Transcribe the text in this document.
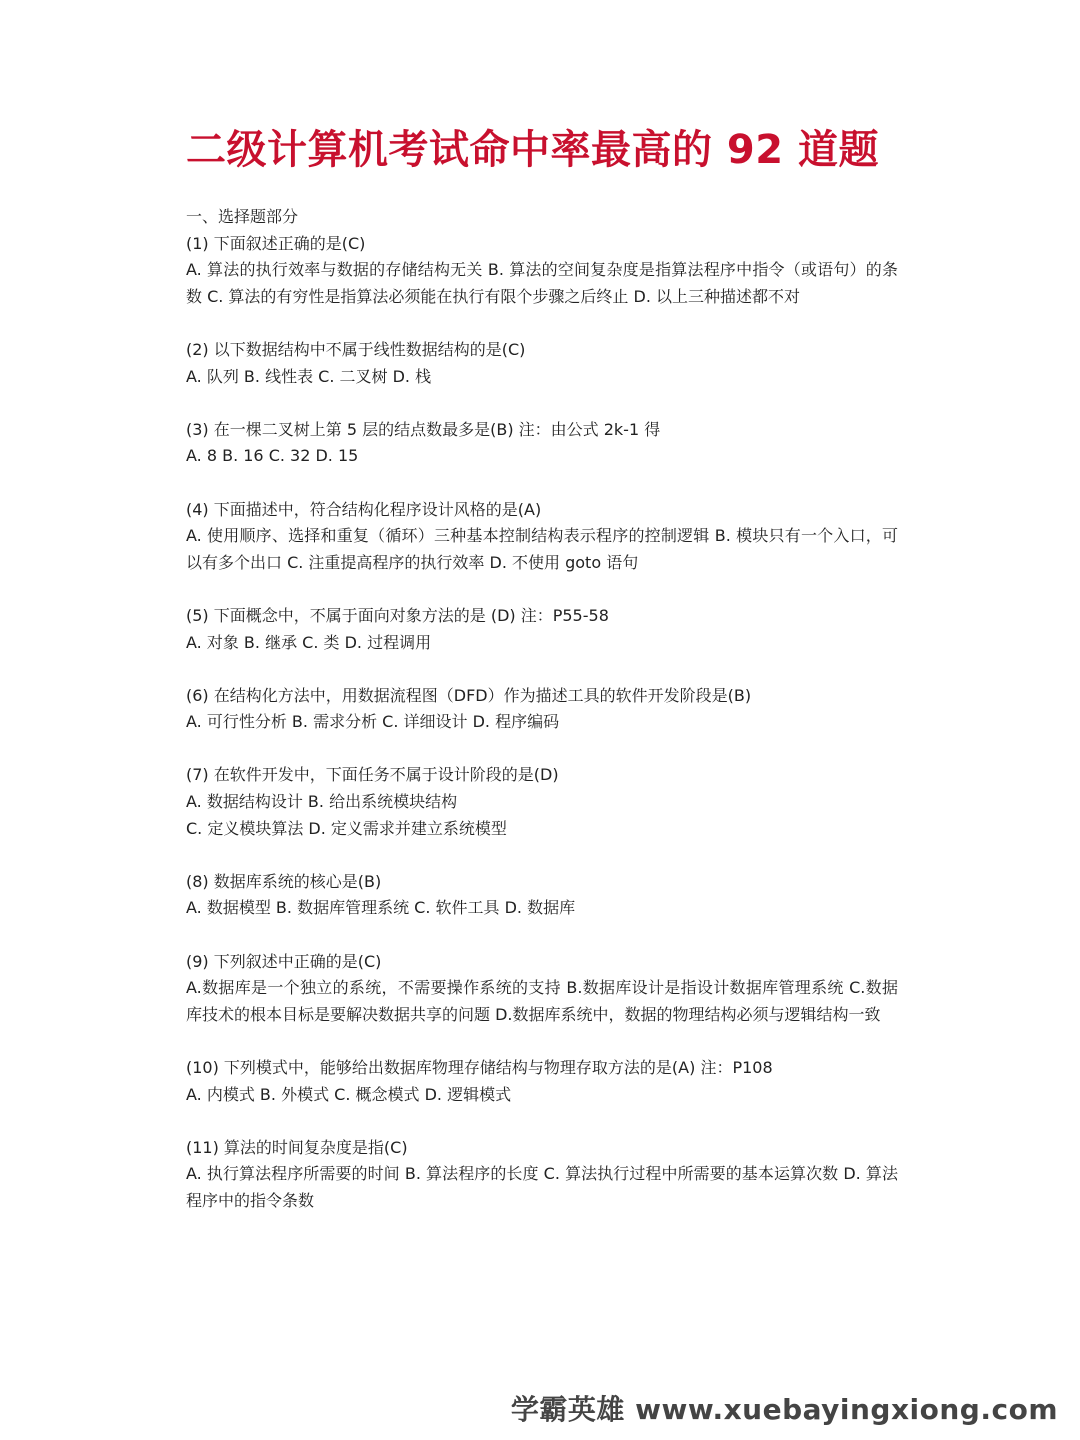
二级计算机考试命中率最高的 92 道题

一、选择题部分

(1) 下面叙述正确的是(C)

A. 算法的执行效率与数据的存储结构无关 B. 算法的空间复杂度是指算法程序中指令（或语句）的条数 C. 算法的有穷性是指算法必须能在执行有限个步骤之后终止 D. 以上三种描述都不对

(2) 以下数据结构中不属于线性数据结构的是(C)

A. 队列 B. 线性表 C. 二叉树 D. 栈

(3) 在一棵二叉树上第 5 层的结点数最多是(B) 注：由公式 2k-1 得

A. 8 B. 16 C. 32 D. 15

(4) 下面描述中，符合结构化程序设计风格的是(A)

A. 使用顺序、选择和重复（循环）三种基本控制结构表示程序的控制逻辑 B. 模块只有一个入口，可以有多个出口 C. 注重提高程序的执行效率 D. 不使用 goto 语句

(5) 下面概念中，不属于面向对象方法的是 (D) 注：P55-58

A. 对象 B. 继承 C. 类 D. 过程调用

(6) 在结构化方法中，用数据流程图（DFD）作为描述工具的软件开发阶段是(B)

A. 可行性分析 B. 需求分析 C. 详细设计 D. 程序编码

(7) 在软件开发中，下面任务不属于设计阶段的是(D)

A. 数据结构设计 B. 给出系统模块结构

C. 定义模块算法 D. 定义需求并建立系统模型

(8) 数据库系统的核心是(B)

A. 数据模型 B. 数据库管理系统 C. 软件工具 D. 数据库

(9) 下列叙述中正确的是(C)

A.数据库是一个独立的系统，不需要操作系统的支持 B.数据库设计是指设计数据库管理系统 C.数据库技术的根本目标是要解决数据共享的问题 D.数据库系统中，数据的物理结构必须与逻辑结构一致

(10) 下列模式中，能够给出数据库物理存储结构与物理存取方法的是(A) 注：P108

A. 内模式 B. 外模式 C. 概念模式 D. 逻辑模式

(11) 算法的时间复杂度是指(C)

A. 执行算法程序所需要的时间 B. 算法程序的长度 C. 算法执行过程中所需要的基本运算次数 D. 算法程序中的指令条数

学霸英雄 www.xuebayingxiong.com
